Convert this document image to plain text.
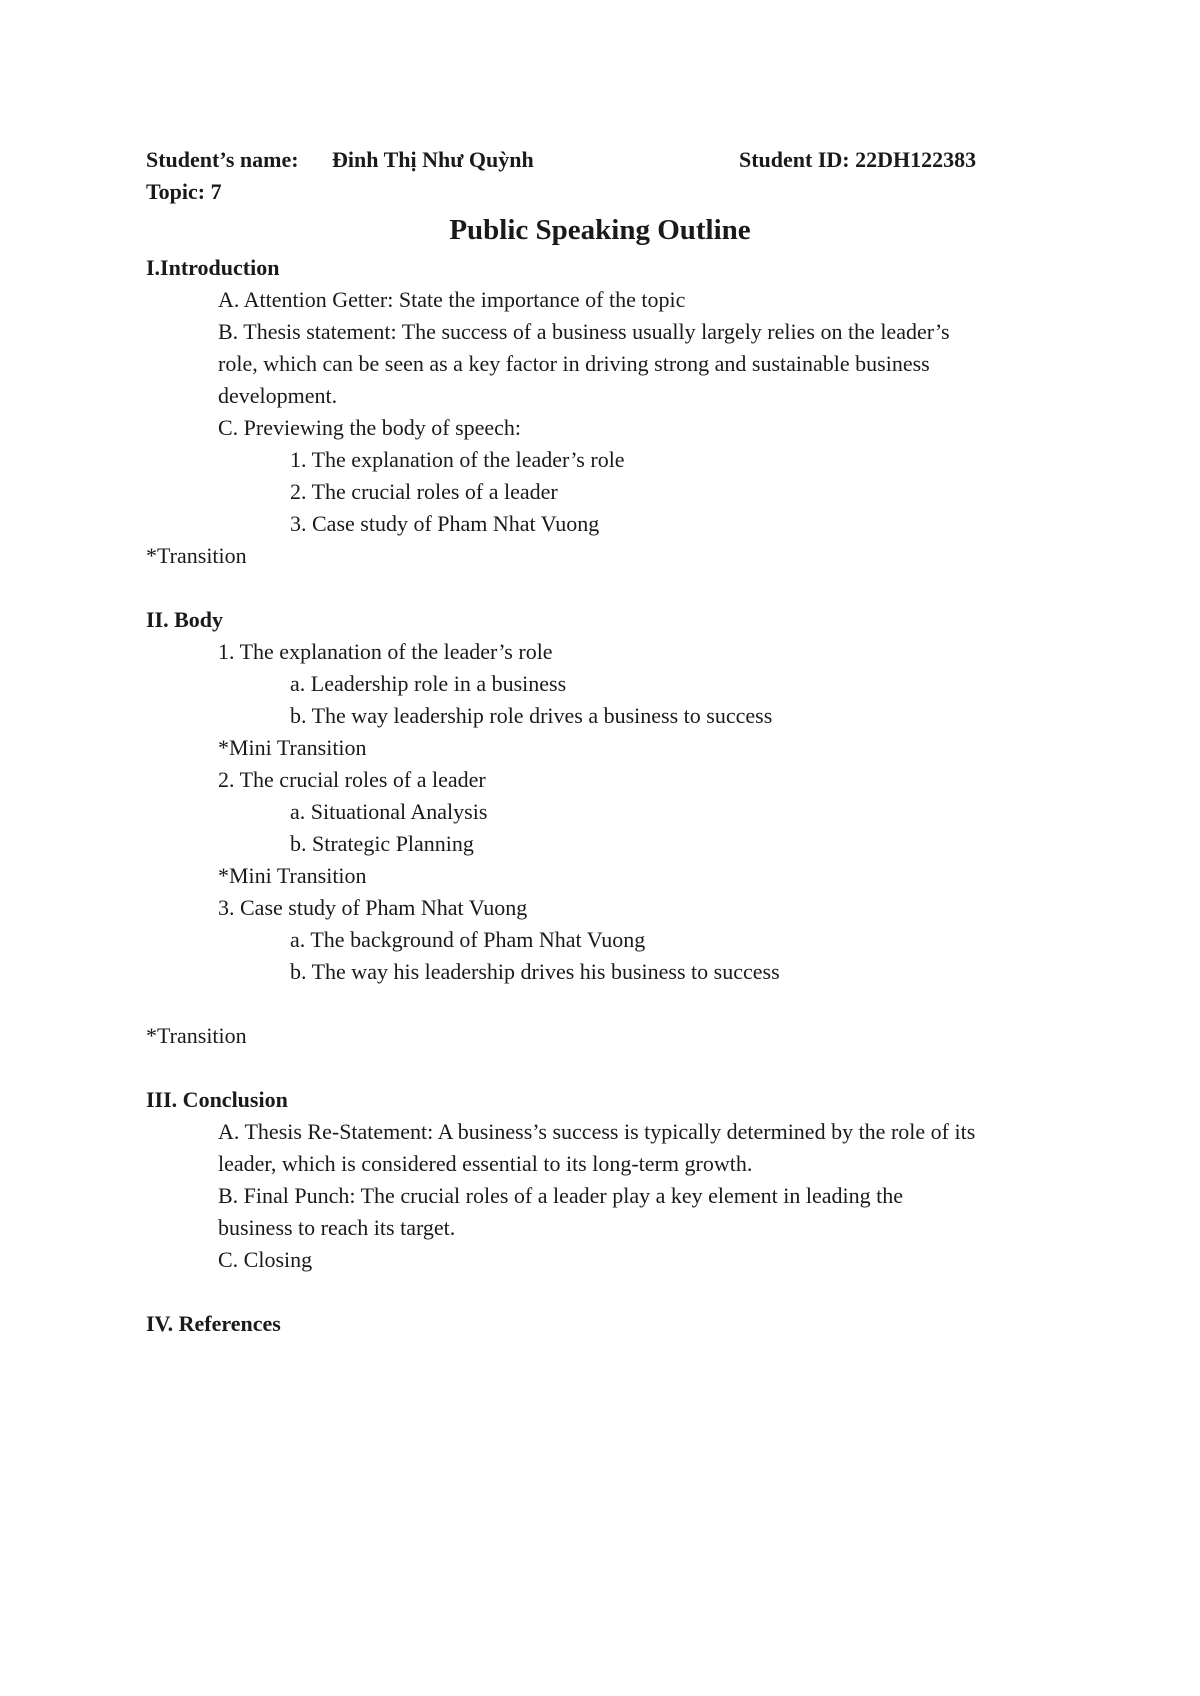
Student’s name: Đinh Thị Như Quỳnh	Student ID: 22DH122383
Topic: 7
Public Speaking Outline
I.Introduction
A. Attention Getter: State the importance of the topic
B. Thesis statement: The success of a business usually largely relies on the leader’s
role, which can be seen as a key factor in driving strong and sustainable business
development.
C. Previewing the body of speech:
1. The explanation of the leader’s role
2. The crucial roles of a leader
3. Case study of Pham Nhat Vuong
*Transition
II. Body
1. The explanation of the leader’s role
a. Leadership role in a business
b. The way leadership role drives a business to success
*Mini Transition
2. The crucial roles of a leader
a. Situational Analysis
b. Strategic Planning
*Mini Transition
3. Case study of Pham Nhat Vuong
a. The background of Pham Nhat Vuong
b. The way his leadership drives his business to success
*Transition
III. Conclusion
A. Thesis Re-Statement: A business’s success is typically determined by the role of its
leader, which is considered essential to its long-term growth.
B. Final Punch: The crucial roles of a leader play a key element in leading the
business to reach its target.
C. Closing
IV. References
